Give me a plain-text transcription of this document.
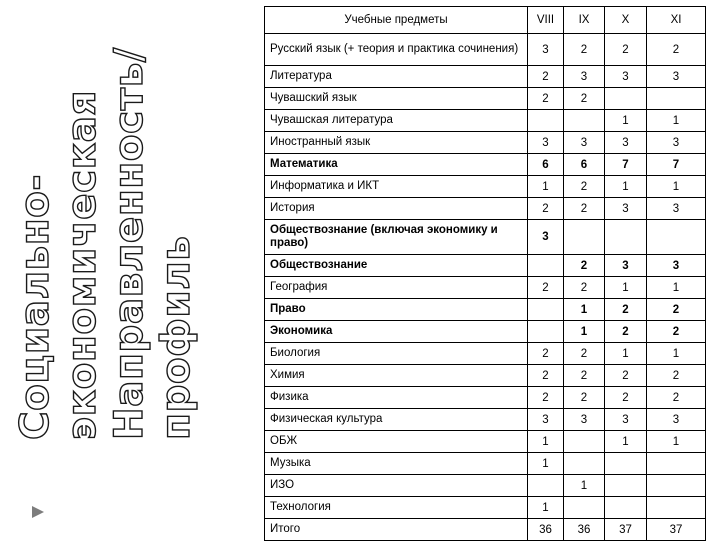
Социально- экономическая Направленность/ профиль
Учебные предметы	VIII	IX	X	XI
Русский язык (+ теория и практика сочинения)	3	2	2	2
Литература	2	3	3	3
Чувашский язык	2	2		
Чувашская литература			1	1
Иностранный язык	3	3	3	3
Математика	6	6	7	7
Информатика и ИКТ	1	2	1	1
История	2	2	3	3
Обществознание (включая экономику и право)	3			
Обществознание		2	3	3
География	2	2	1	1
Право		1	2	2
Экономика		1	2	2
Биология	2	2	1	1
Химия	2	2	2	2
Физика	2	2	2	2
Физическая культура	3	3	3	3
ОБЖ	1		1	1
Музыка	1			
ИЗО		1		
Технология	1			
Итого	36	36	37	37
